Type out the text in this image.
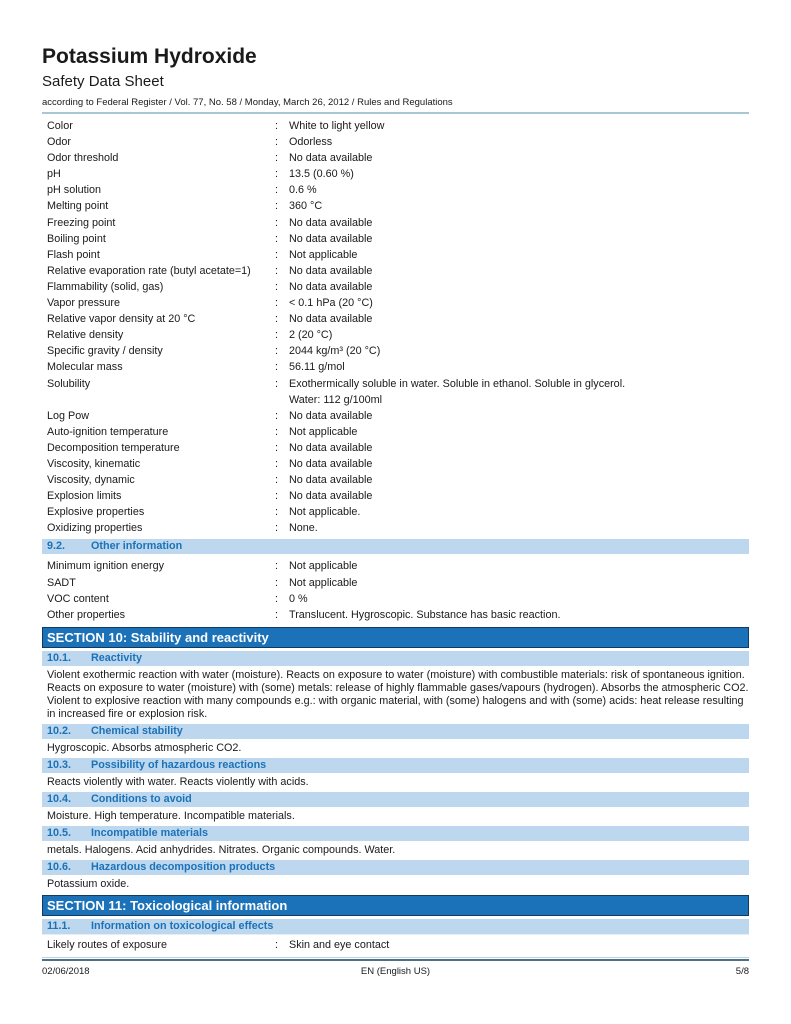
Potassium Hydroxide
Safety Data Sheet
according to Federal Register / Vol. 77, No. 58 / Monday, March 26, 2012 / Rules and Regulations
Color	:	White to light yellow
Odor	:	Odorless
Odor threshold	:	No data available
pH	:	13.5 (0.60 %)
pH solution	:	0.6 %
Melting point	:	360 °C
Freezing point	:	No data available
Boiling point	:	No data available
Flash point	:	Not applicable
Relative evaporation rate (butyl acetate=1)	:	No data available
Flammability (solid, gas)	:	No data available
Vapor pressure	:	< 0.1 hPa (20 °C)
Relative vapor density at 20 °C	:	No data available
Relative density	:	2 (20 °C)
Specific gravity / density	:	2044 kg/m³ (20 °C)
Molecular mass	:	56.11 g/mol
Solubility	:	Exothermically soluble in water. Soluble in ethanol. Soluble in glycerol.
Water: 112 g/100ml
Log Pow	:	No data available
Auto-ignition temperature	:	Not applicable
Decomposition temperature	:	No data available
Viscosity, kinematic	:	No data available
Viscosity, dynamic	:	No data available
Explosion limits	:	No data available
Explosive properties	:	Not applicable.
Oxidizing properties	:	None.
9.2.	Other information
Minimum ignition energy	:	Not applicable
SADT	:	Not applicable
VOC content	:	0 %
Other properties	:	Translucent. Hygroscopic. Substance has basic reaction.
SECTION 10: Stability and reactivity
10.1.	Reactivity
Violent exothermic reaction with water (moisture). Reacts on exposure to water (moisture) with combustible materials: risk of spontaneous ignition. Reacts on exposure to water (moisture) with (some) metals: release of highly flammable gases/vapours (hydrogen). Absorbs the atmospheric CO2. Violent to explosive reaction with many compounds e.g.: with organic material, with (some) halogens and with (some) acids: heat release resulting in increased fire or explosion risk.
10.2.	Chemical stability
Hygroscopic. Absorbs atmospheric CO2.
10.3.	Possibility of hazardous reactions
Reacts violently with water. Reacts violently with acids.
10.4.	Conditions to avoid
Moisture. High temperature. Incompatible materials.
10.5.	Incompatible materials
metals. Halogens. Acid anhydrides. Nitrates. Organic compounds. Water.
10.6.	Hazardous decomposition products
Potassium oxide.
SECTION 11: Toxicological information
11.1.	Information on toxicological effects
Likely routes of exposure	:	Skin and eye contact
02/06/2018	EN (English US)	5/8
